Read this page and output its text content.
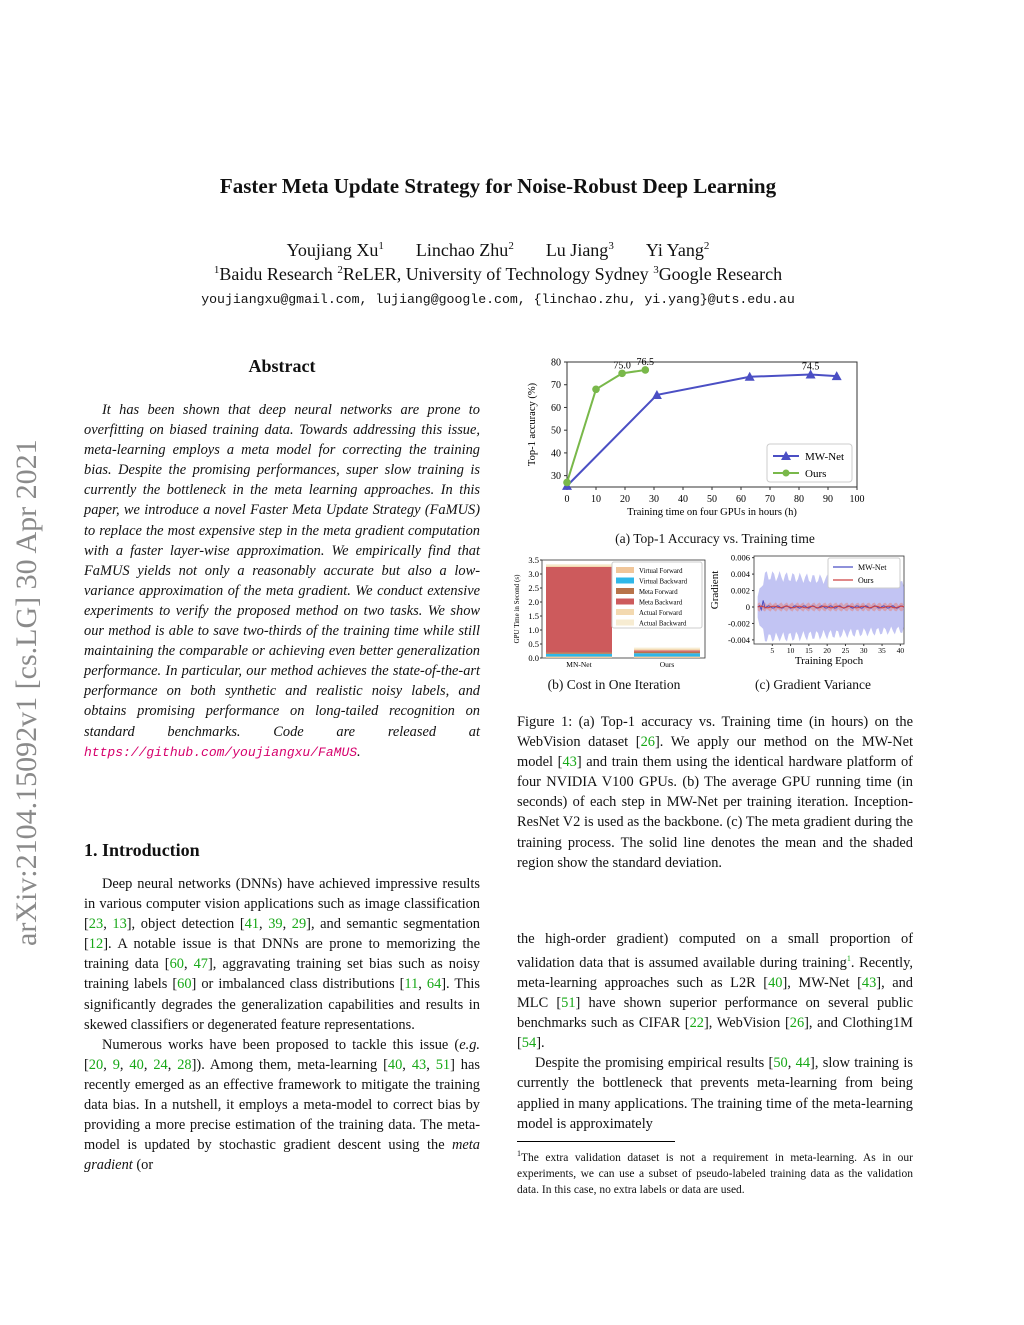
Faster Meta Update Strategy for Noise-Robust Deep Learning
Youjiang Xu$^1$ Linchao Zhu$^2$ Lu Jiang$^3$ Yi Yang$^2$
$^1$Baidu Research $^2$ReLER, University of Technology Sydney $^3$Google Research
youjiangxu@gmail.com, lujiang@google.com, {linchao.zhu, yi.yang}@uts.edu.au
arXiv:2104.15092v1 [cs.LG] 30 Apr 2021
Abstract
It has been shown that deep neural networks are prone to overfitting on biased training data. Towards addressing this issue, meta-learning employs a meta model for correcting the training bias. Despite the promising performances, super slow training is currently the bottleneck in the meta learning approaches. In this paper, we introduce a novel Faster Meta Update Strategy (FaMUS) to replace the most expensive step in the meta gradient computation with a faster layer-wise approximation. We empirically find that FaMUS yields not only a reasonably accurate but also a low-variance approximation of the meta gradient. We conduct extensive experiments to verify the proposed method on two tasks. We show our method is able to save two-thirds of the training time while still maintaining the comparable or achieving even better generalization performance. In particular, our method achieves the state-of-the-art performance on both synthetic and realistic noisy labels, and obtains promising performance on long-tailed recognition on standard benchmarks. Code are released at https://github.com/youjiangxu/FaMUS.
1. Introduction

Deep neural networks (DNNs) have achieved impressive results in various computer vision applications such as image classification [23, 13], object detection [41, 39, 29], and semantic segmentation [12]. A notable issue is that DNNs are prone to memorizing the training data [60, 47], aggravating training set bias such as noisy training labels [60] or imbalanced class distributions [11, 64]. This significantly degrades the generalization capabilities and results in skewed classifiers or degenerated feature representations.

Numerous works have been proposed to tackle this issue (e.g. [20, 9, 40, 24, 28]). Among them, meta-learning [40, 43, 51] has recently emerged as an effective framework to mitigate the training data bias. In a nutshell, it employs a meta-model to correct bias by providing a more precise estimation of the training data. The meta-model is updated by stochastic gradient descent using the meta gradient (or

0 10 20 30 40 50 60 70 80 90 100
30
40
50
60
70
80
Training time on four GPUs in hours (h)
Top-1 accuracy (%)
75.0 76.5	74.5
MW-Net
Ours
(a) Top-1 Accuracy vs. Training time
0.0
0.5
1.0
1.5
2.0
2.5
3.0
3.5
GPU Time in Second (s)
MN-Net	Ours
Virtual Forward
Virtual Backward
Meta Forward
Meta Backward
Actual Forward
Actual Backward
(b) Cost in One Iteration
5 10 15 20 25 30 35 40
0.006
0.004
0.002
0
-0.002
-0.004
Training Epoch
Gradient
MW-Net
Ours
(c) Gradient Variance

Figure 1: (a) Top-1 accuracy vs. Training time (in hours) on the WebVision dataset [26]. We apply our method on the MW-Net model [43] and train them using the identical hardware platform of four NVIDIA V100 GPUs. (b) The average GPU running time (in seconds) of each step in MW-Net per training iteration. Inception-ResNet V2 is used as the backbone. (c) The meta gradient during the training process. The solid line denotes the mean and the shaded region show the standard deviation.

the high-order gradient) computed on a small proportion of validation data that is assumed available during training$^1$. Recently, meta-learning approaches such as L2R [40], MW-Net [43], and MLC [51] have shown superior performance on several public benchmarks such as CIFAR [22], WebVision [26], and Clothing1M [54].

Despite the promising empirical results [50, 44], slow training is currently the bottleneck that prevents meta-learning from being applied in many applications. The training time of the meta-learning model is approximately

$^1$The extra validation dataset is not a requirement in meta-learning. As in our experiments, we can use a subset of pseudo-labeled training data as the validation data. In this case, no extra labels or data are used.
